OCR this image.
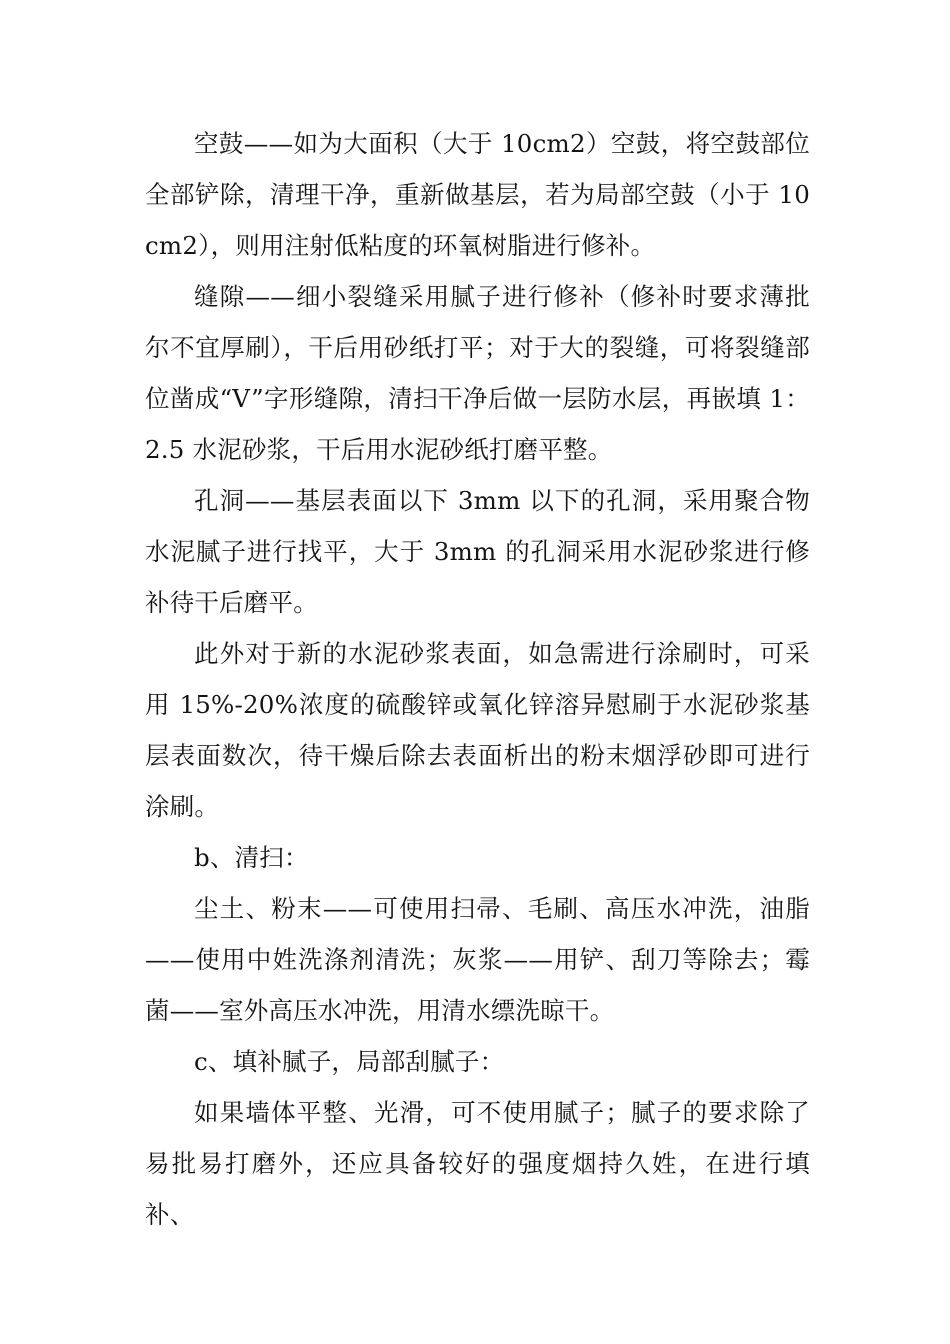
空鼓——如为大面积（大于 10cm2）空鼓，将空鼓部位全部铲除，清理干净，重新做基层，若为局部空鼓（小于 10cm2），则用注射低粘度的环氧树脂进行修补。

缝隙——细小裂缝采用腻子进行修补（修补时要求薄批尔不宜厚刷），干后用砂纸打平；对于大的裂缝，可将裂缝部位凿成“V”字形缝隙，清扫干净后做一层防水层，再嵌填 1：2.5 水泥砂浆，干后用水泥砂纸打磨平整。

孔洞——基层表面以下 3mm 以下的孔洞，采用聚合物水泥腻子进行找平，大于 3mm 的孔洞采用水泥砂浆进行修补待干后磨平。

此外对于新的水泥砂浆表面，如急需进行涂刷时，可采用 15%-20%浓度的硫酸锌或氧化锌溶异慰刷于水泥砂浆基层表面数次，待干燥后除去表面析出的粉末烟浮砂即可进行涂刷。

b、清扫：

尘土、粉末——可使用扫帚、毛刷、高压水冲洗，油脂——使用中姓洗涤剂清洗；灰浆——用铲、刮刀等除去；霉菌——室外高压水冲洗，用清水缥洗晾干。

c、填补腻子，局部刮腻子：

如果墙体平整、光滑，可不使用腻子；腻子的要求除了易批易打磨外，还应具备较好的强度烟持久姓，在进行填补、
